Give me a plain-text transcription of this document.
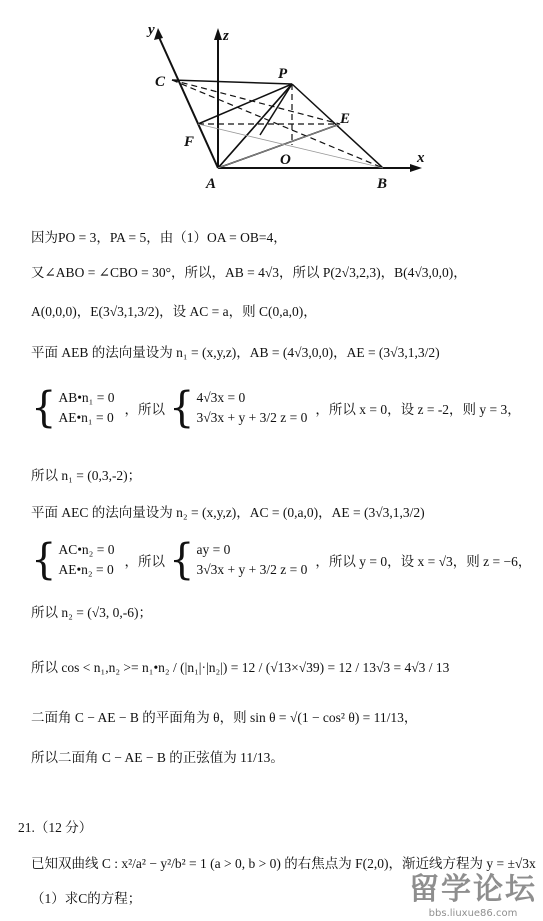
y	z
x
C	P
E
F
O
A	B
因为PO = 3，PA = 5，由（1）OA = OB=4，
又∠ABO = ∠CBO = 30°，所以，AB = 4√3，所以 P(2√3,2,3)，B(4√3,0,0)，
A(0,0,0)，E(3√3,1,3/2)，设 AC = a，则 C(0,a,0)，
平面 AEB 的法向量设为 n₁ = (x,y,z)，AB = (4√3,0,0)，AE = (3√3,1,3/2)
{ AB•n₁ = 0
AE•n₁ = 0
，所以 { 4√3x = 0
3√3x + y + 3/2 z = 0
，所以 x = 0，设 z = -2，则 y = 3，
所以 n₁ = (0,3,-2)；
平面 AEC 的法向量设为 n₂ = (x,y,z)，AC = (0,a,0)，AE = (3√3,1,3/2)
{ AC•n₂ = 0
AE•n₂ = 0
，所以 { ay = 0
3√3x + y + 3/2 z = 0
，所以 y = 0，设 x = √3，则 z = −6，
所以 n₂ = (√3, 0,-6)；
所以 cos < n₁,n₂ >= n₁•n₂ / (|n₁|·|n₂|) = 12 / (√13×√39) = 12 / 13√3 = 4√3 / 13
二面角 C − AE − B 的平面角为 θ，则 sin θ = √(1 − cos² θ) = 11/13，
所以二面角 C − AE − B 的正弦值为 11/13。
21.（12 分）
已知双曲线 C : x²/a² − y²/b² = 1 (a > 0, b > 0) 的右焦点为 F(2,0)，渐近线方程为 y = ±√3x
（1）求C的方程；	留学论坛
bbs.liuxue86.com
